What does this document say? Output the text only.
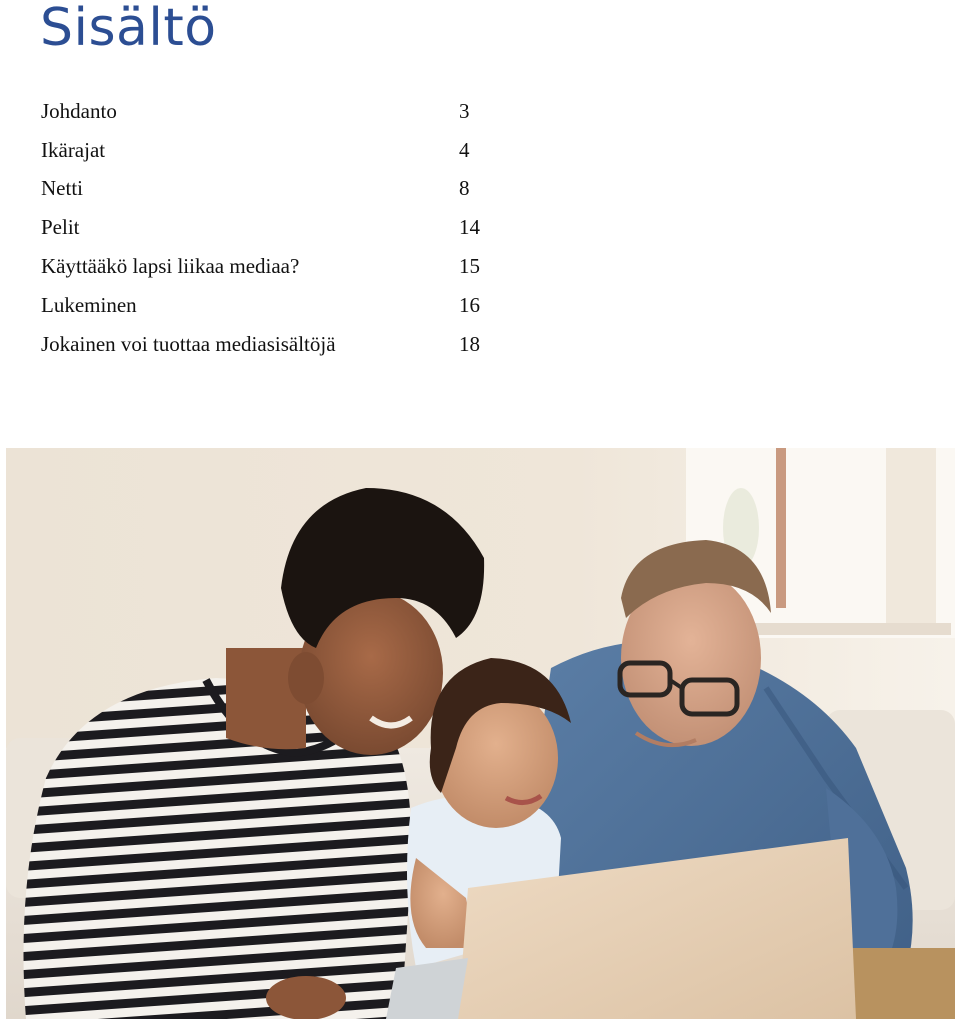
Sisältö
Johdanto	3
Ikärajat	4
Netti	8
Pelit	14
Käyttääkö lapsi liikaa mediaa?	15
Lukeminen	16
Jokainen voi tuottaa mediasisältöjä	18
